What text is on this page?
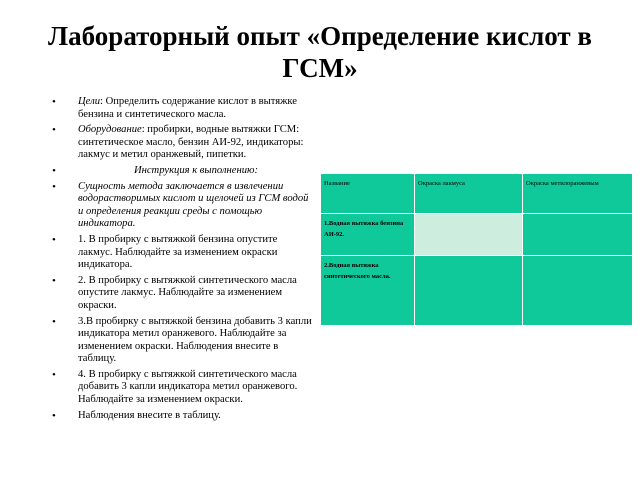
Лабораторный опыт «Определение кислот в ГСМ»
• Цели: Определить содержание кислот в вытяжке бензина и синтетического масла.
• Оборудование: пробирки, водные вытяжки ГСМ: синтетическое масло, бензин АИ-92, индикаторы: лакмус и метил оранжевый, пипетки.
• Инструкция к выполнению:
• Сущность метода заключается в извлечении водорастворимых кислот и щелочей из ГСМ водой и определения реакции среды с помощью индикатора.
• 1. В пробирку с вытяжкой бензина опустите лакмус. Наблюдайте за изменением окраски индикатора.
• 2. В пробирку с вытяжкой синтетического масла опустите лакмус. Наблюдайте за изменением окраски.
• 3.В пробирку с вытяжкой бензина добавить 3 капли индикатора метил оранжевого. Наблюдайте за изменением окраски. Наблюдения внесите в таблицу.
• 4. В пробирку с вытяжкой синтетического масла добавить 3 капли индикатора метил оранжевого. Наблюдайте за изменением окраски.
• Наблюдения внесите в таблицу.
Название	Окраска лакмуса	Окраска метилоранжевым
1.Водная вытяжка бензина АИ-92.		
2.Водная вытяжка синтетического масла.		
